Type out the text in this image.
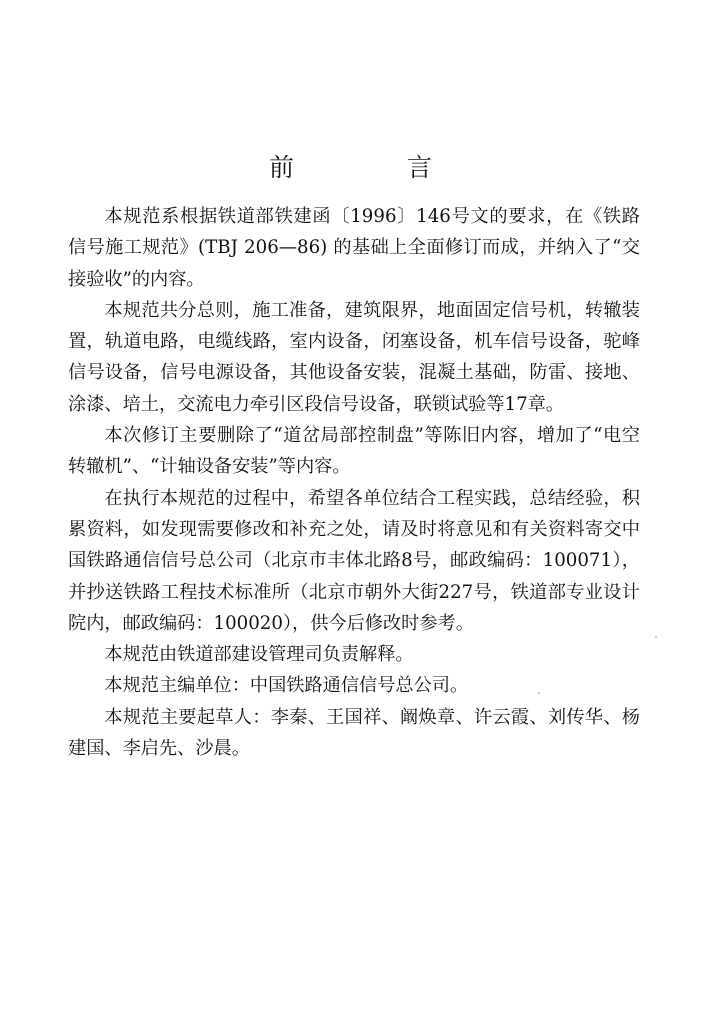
前　言

本规范系根据铁道部铁建函〔1996〕146号文的要求，在《铁路信号施工规范》(TBJ 206—86) 的基础上全面修订而成，并纳入了“交接验收”的内容。

本规范共分总则，施工准备，建筑限界，地面固定信号机，转辙装置，轨道电路，电缆线路，室内设备，闭塞设备，机车信号设备，驼峰信号设备，信号电源设备，其他设备安装，混凝土基础，防雷、接地、涂漆、培土，交流电力牵引区段信号设备，联锁试验等17章。

本次修订主要删除了“道岔局部控制盘”等陈旧内容，增加了“电空转辙机”、“计轴设备安装”等内容。

在执行本规范的过程中，希望各单位结合工程实践，总结经验，积累资料，如发现需要修改和补充之处，请及时将意见和有关资料寄交中国铁路通信信号总公司（北京市丰体北路8号，邮政编码：100071），并抄送铁路工程技术标准所（北京市朝外大街227号，铁道部专业设计院内，邮政编码：100020），供今后修改时参考。

本规范由铁道部建设管理司负责解释。

本规范主编单位：中国铁路通信信号总公司。

本规范主要起草人：李秦、王国祥、阚焕章、许云霞、刘传华、杨建国、李启先、沙晨。
